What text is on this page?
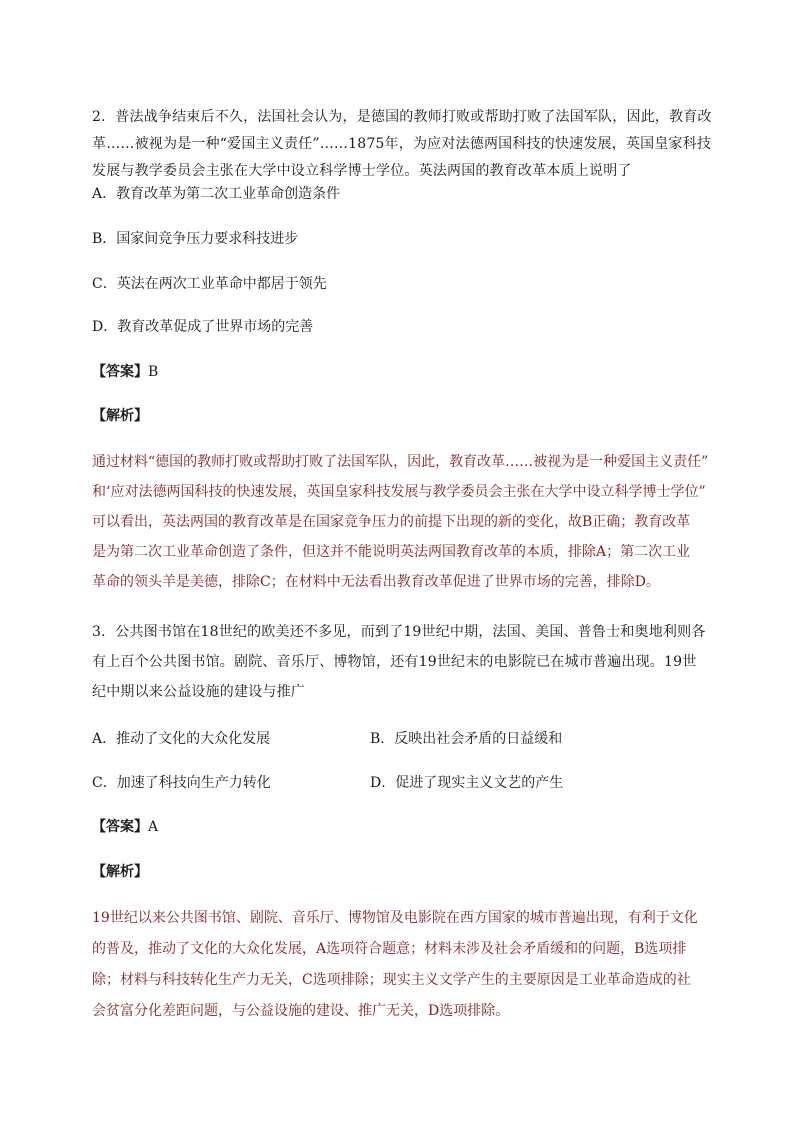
2．普法战争结束后不久，法国社会认为，是德国的教师打败或帮助打败了法国军队，因此，教育改
革……被视为是一种“爱国主义责任”……1875年，为应对法德两国科技的快速发展，英国皇家科技
发展与教学委员会主张在大学中设立科学博士学位。英法两国的教育改革本质上说明了
A．教育改革为第二次工业革命创造条件
B．国家间竞争压力要求科技进步
C．英法在两次工业革命中都居于领先
D．教育改革促成了世界市场的完善
【答案】B
【解析】
通过材料“德国的教师打败或帮助打败了法国军队，因此，教育改革……被视为是一种爱国主义责任”
和‘应对法德两国科技的快速发展，英国皇家科技发展与教学委员会主张在大学中设立科学博士学位”
可以看出，英法两国的教育改革是在国家竞争压力的前提下出现的新的变化，故B正确；教育改革
是为第二次工业革命创造了条件，但这并不能说明英法两国教育改革的本质，排除A；第二次工业
革命的领头羊是美德，排除C；在材料中无法看出教育改革促进了世界市场的完善，排除D。
3．公共图书馆在18世纪的欧美还不多见，而到了19世纪中期，法国、美国、普鲁士和奥地利则各
有上百个公共图书馆。剧院、音乐厅、博物馆，还有19世纪末的电影院已在城市普遍出现。19世
纪中期以来公益设施的建设与推广
A．推动了文化的大众化发展	B．反映出社会矛盾的日益缓和
C．加速了科技向生产力转化	D．促进了现实主义文艺的产生
【答案】A
【解析】
19世纪以来公共图书馆、剧院、音乐厅、博物馆及电影院在西方国家的城市普遍出现，有利于文化
的普及，推动了文化的大众化发展，A选项符合题意；材料未涉及社会矛盾缓和的问题，B选项排
除；材料与科技转化生产力无关，C选项排除；现实主义文学产生的主要原因是工业革命造成的社
会贫富分化差距问题，与公益设施的建设、推广无关，D选项排除。
